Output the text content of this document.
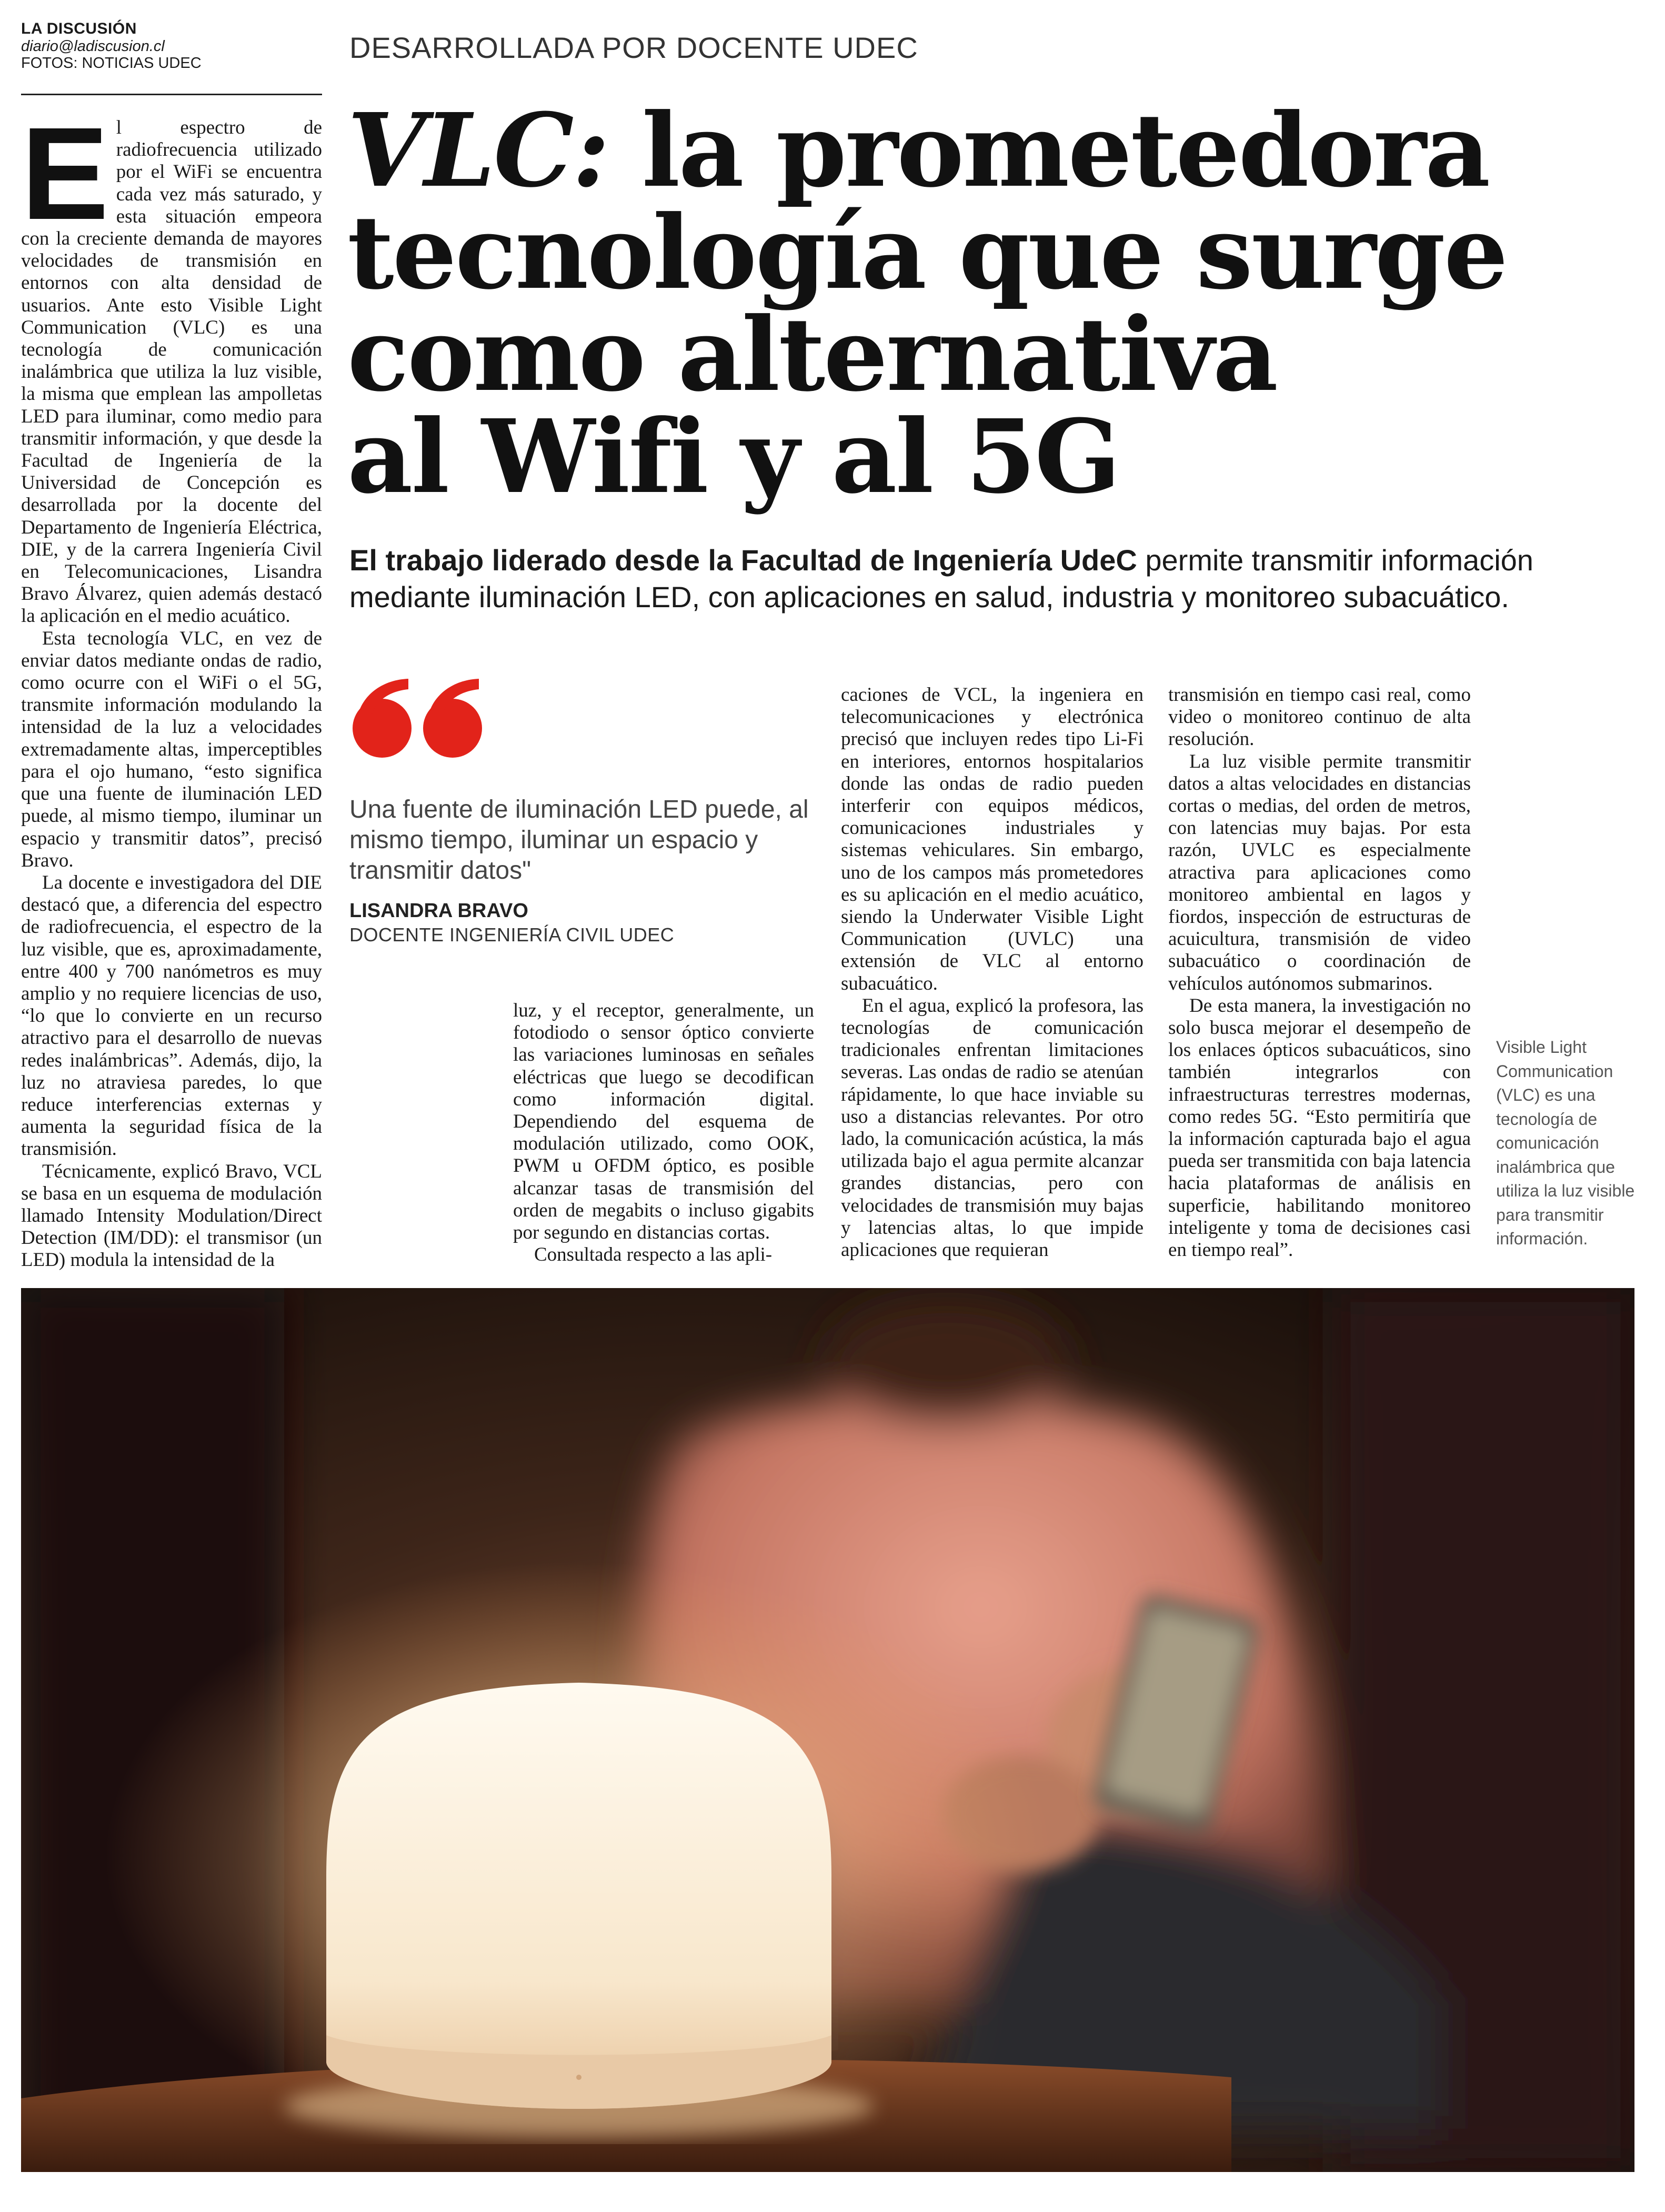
LA DISCUSIÓN
diario@ladiscusion.cl
FOTOS: NOTICIAS UDEC	DESARROLLADA POR DOCENTE UDEC
VLC: la prometedora
tecnología que surge
como alternativa
al Wifi y al 5G
El trabajo liderado desde la Facultad de Ingeniería UdeC permite transmitir información mediante iluminación LED, con aplicaciones en salud, industria y monitoreo subacuático.
E l espectro de radiofrecuencia utilizado por el WiFi se encuentra cada vez más saturado, y esta situación empeora con la creciente demanda de mayores velocidades de transmisión en entornos con alta densidad de usuarios. Ante esto Visible Light Communication (VLC) es una tecnología de comunicación inalámbrica que utiliza la luz visible, la misma que emplean las ampolletas LED para iluminar, como medio para transmitir información, y que desde la Facultad de Ingeniería de la Universidad de Concepción es desarrollada por la docente del Departamento de Ingeniería Eléctrica, DIE, y de la carrera Ingeniería Civil en Telecomunicaciones, Lisandra Bravo Álvarez, quien además destacó la aplicación en el medio acuático.

Esta tecnología VLC, en vez de enviar datos mediante ondas de radio, como ocurre con el WiFi o el 5G, transmite información modulando la intensidad de la luz a velocidades extremadamente altas, imperceptibles para el ojo humano, “esto significa que una fuente de iluminación LED puede, al mismo tiempo, iluminar un espacio y transmitir datos”, precisó Bravo.

La docente e investigadora del DIE destacó que, a diferencia del espectro de radiofrecuencia, el espectro de la luz visible, que es, aproximadamente, entre 400 y 700 nanómetros es muy amplio y no requiere licencias de uso, “lo que lo convierte en un recurso atractivo para el desarrollo de nuevas redes inalámbricas”. Además, dijo, la luz no atraviesa paredes, lo que reduce interferencias externas y aumenta la seguridad física de la transmisión.

Técnicamente, explicó Bravo, VCL se basa en un esquema de modulación llamado Intensity Modulation/Direct Detection (IM/DD): el transmisor (un LED) modula la intensidad de la

Una fuente de iluminación LED puede, al mismo tiempo, iluminar un espacio y transmitir datos"
LISANDRA BRAVO
DOCENTE INGENIERÍA CIVIL UDEC

luz, y el receptor, generalmente, un fotodiodo o sensor óptico convierte las variaciones luminosas en señales eléctricas que luego se decodifican como información digital. Dependiendo del esquema de modulación utilizado, como OOK, PWM u OFDM óptico, es posible alcanzar tasas de transmisión del orden de megabits o incluso gigabits por segundo en distancias cortas.

Consultada respecto a las apli-

caciones de VCL, la ingeniera en telecomunicaciones y electrónica precisó que incluyen redes tipo Li-Fi en interiores, entornos hospitalarios donde las ondas de radio pueden interferir con equipos médicos, comunicaciones industriales y sistemas vehiculares. Sin embargo, uno de los campos más prometedores es su aplicación en el medio acuático, siendo la Underwater Visible Light Communication (UVLC) una extensión de VLC al entorno subacuático.

En el agua, explicó la profesora, las tecnologías de comunicación tradicionales enfrentan limitaciones severas. Las ondas de radio se atenúan rápidamente, lo que hace inviable su uso a distancias relevantes. Por otro lado, la comunicación acústica, la más utilizada bajo el agua permite alcanzar grandes distancias, pero con velocidades de transmisión muy bajas y latencias altas, lo que impide aplicaciones que requieran

transmisión en tiempo casi real, como video o monitoreo continuo de alta resolución.

La luz visible permite transmitir datos a altas velocidades en distancias cortas o medias, del orden de metros, con latencias muy bajas. Por esta razón, UVLC es especialmente atractiva para aplicaciones como monitoreo ambiental en lagos y fiordos, inspección de estructuras de acuicultura, transmisión de video subacuático o coordinación de vehículos autónomos submarinos.

De esta manera, la investigación no solo busca mejorar el desempeño de los enlaces ópticos subacuáticos, sino también integrarlos con infraestructuras terrestres modernas, como redes 5G. “Esto permitiría que la información capturada bajo el agua pueda ser transmitida con baja latencia hacia plataformas de análisis en superficie, habilitando monitoreo inteligente y toma de decisiones casi en tiempo real”.

Visible Light Communication (VLC) es una tecnología de comunicación inalámbrica que utiliza la luz visible para transmitir información.
